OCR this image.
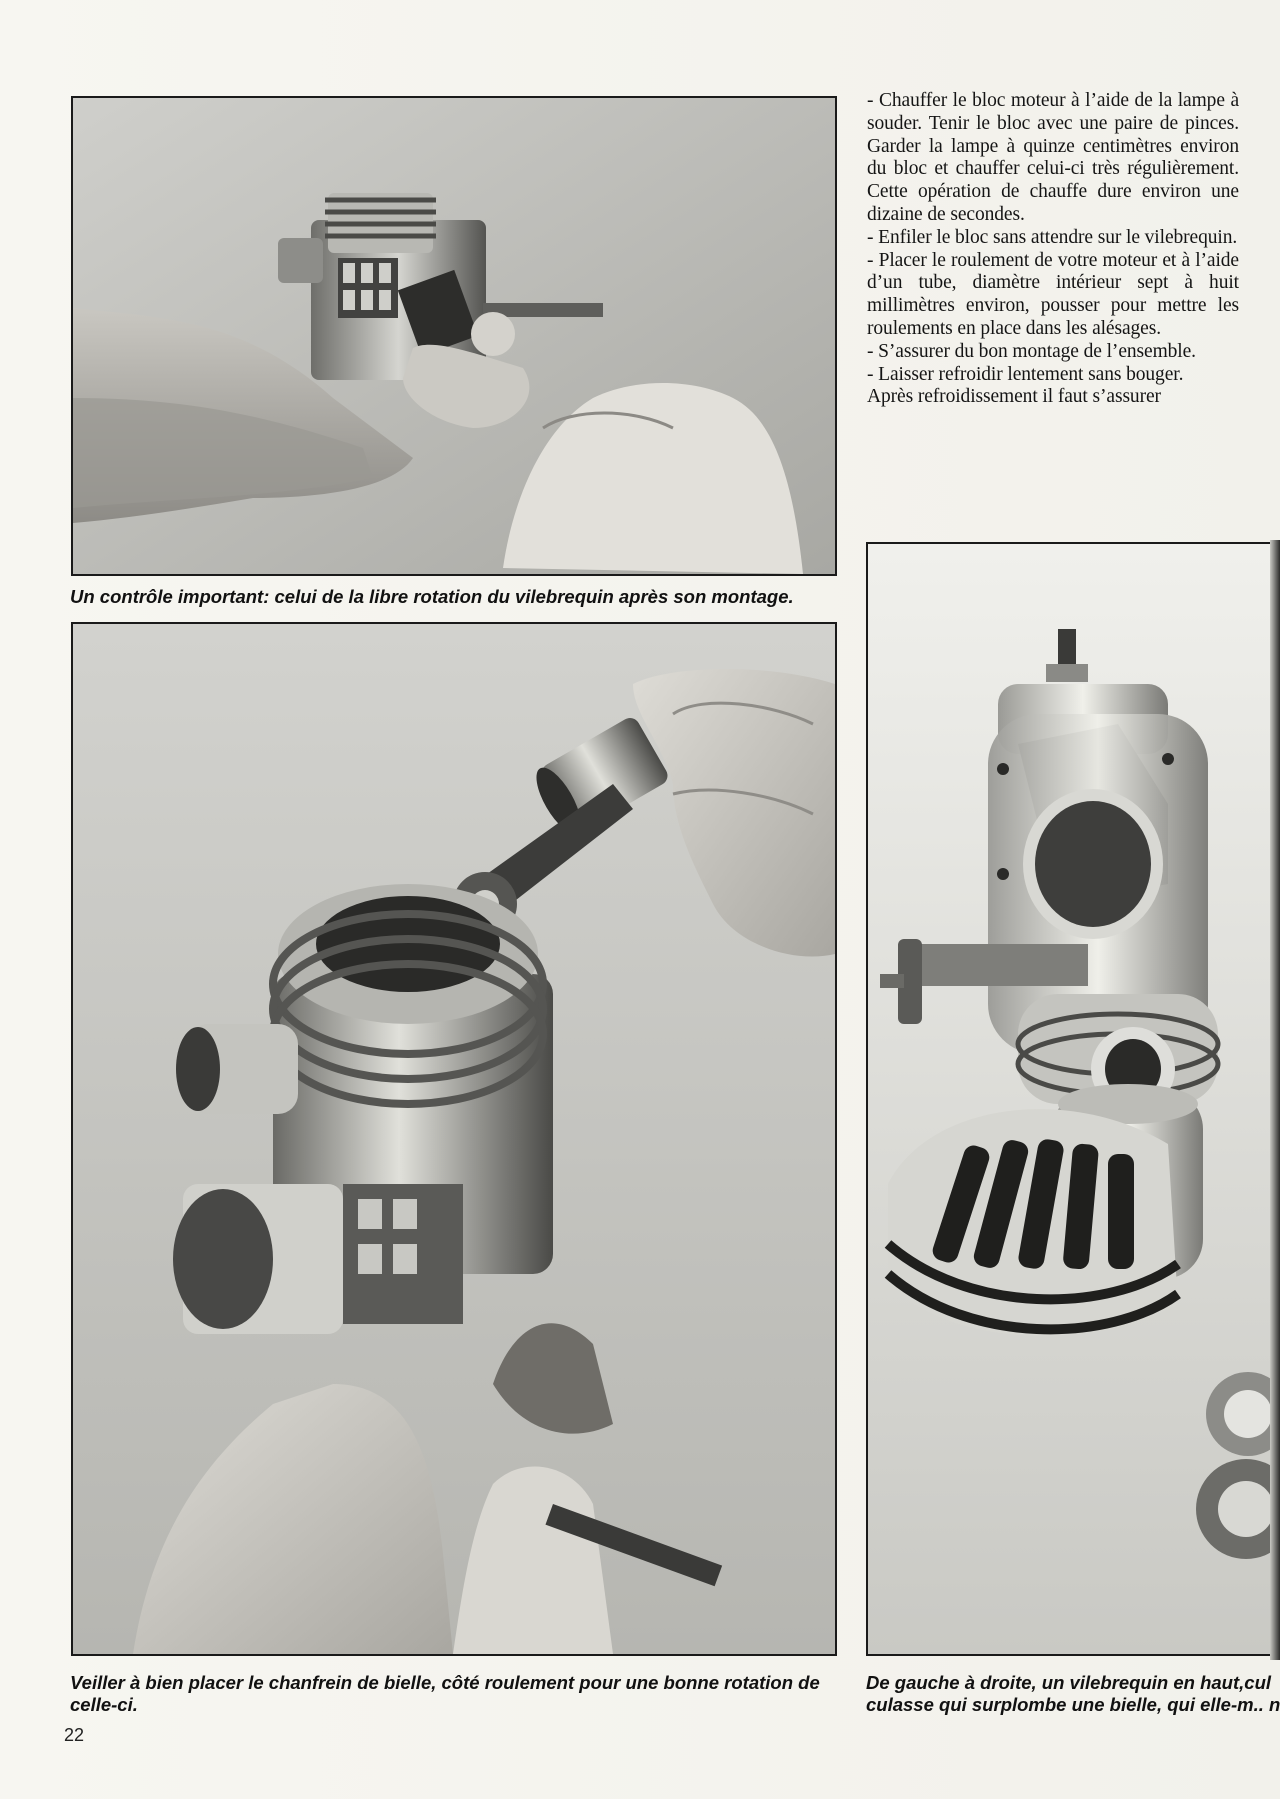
Un contrôle important: celui de la libre rotation du vilebrequin après son montage.

Veiller à bien placer le chanfrein de bielle, côté roulement pour une bonne rotation de celle-ci.

- Chauffer le bloc moteur à l’aide de la lampe à souder. Tenir le bloc avec une paire de pinces. Garder la lampe à quinze centimètres environ du bloc et chauffer celui-ci très régulièrement. Cette opération de chauffe dure environ une dizaine de secondes.

- Enfiler le bloc sans attendre sur le vilebrequin.

- Placer le roulement de votre moteur et à l’aide d’un tube, diamètre intérieur sept à huit millimètres environ, pousser pour mettre les roulements en place dans les alésages.

- S’assurer du bon montage de l’ensemble.

- Laisser refroidir lentement sans bouger.

Après refroidissement il faut s’assurer

De gauche à droite, un vilebrequin en haut,cul
culasse qui surplombe une bielle, qui elle-m.. n
22
